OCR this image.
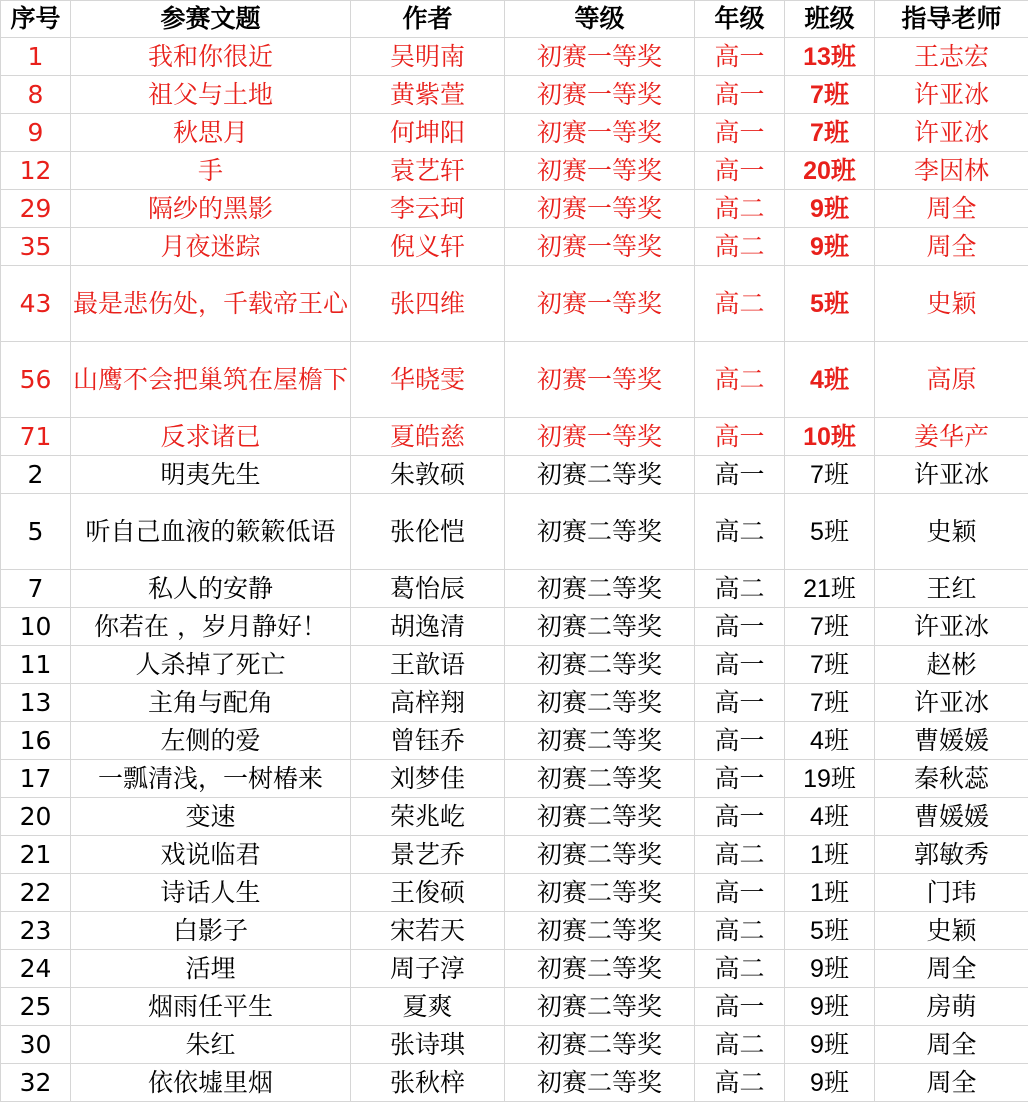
序号	参赛文题	作者	等级	年级	班级	指导老师
1	我和你很近	吴明南	初赛一等奖	高一	13班	王志宏
8	祖父与土地	黄紫萱	初赛一等奖	高一	7班	许亚冰
9	秋思月	何坤阳	初赛一等奖	高一	7班	许亚冰
12	手	袁艺轩	初赛一等奖	高一	20班	李因林
29	隔纱的黑影	李云珂	初赛一等奖	高二	9班	周全
35	月夜迷踪	倪义轩	初赛一等奖	高二	9班	周全
43	最是悲伤处，千载帝王心	张四维	初赛一等奖	高二	5班	史颖
56	山鹰不会把巢筑在屋檐下	华晓雯	初赛一等奖	高二	4班	高原
71	反求诸已	夏皓慈	初赛一等奖	高一	10班	姜华产
2	明夷先生	朱敦硕	初赛二等奖	高一	7班	许亚冰
5	听自己血液的簌簌低语	张伦恺	初赛二等奖	高二	5班	史颖
7	私人的安静	葛怡辰	初赛二等奖	高二	21班	王红
10	你若在 ，岁月静好！	胡逸清	初赛二等奖	高一	7班	许亚冰
11	人杀掉了死亡	王歆语	初赛二等奖	高一	7班	赵彬
13	主角与配角	高梓翔	初赛二等奖	高一	7班	许亚冰
16	左侧的爱	曾钰乔	初赛二等奖	高一	4班	曹媛媛
17	一瓢清浅，一树椿来	刘梦佳	初赛二等奖	高一	19班	秦秋蕊
20	变速	荣兆屹	初赛二等奖	高一	4班	曹媛媛
21	戏说临君	景艺乔	初赛二等奖	高二	1班	郭敏秀
22	诗话人生	王俊硕	初赛二等奖	高一	1班	门玮
23	白影子	宋若天	初赛二等奖	高二	5班	史颖
24	活埋	周子淳	初赛二等奖	高二	9班	周全
25	烟雨任平生	夏爽	初赛二等奖	高一	9班	房萌
30	朱红	张诗琪	初赛二等奖	高二	9班	周全
32	依依墟里烟	张秋梓	初赛二等奖	高二	9班	周全
